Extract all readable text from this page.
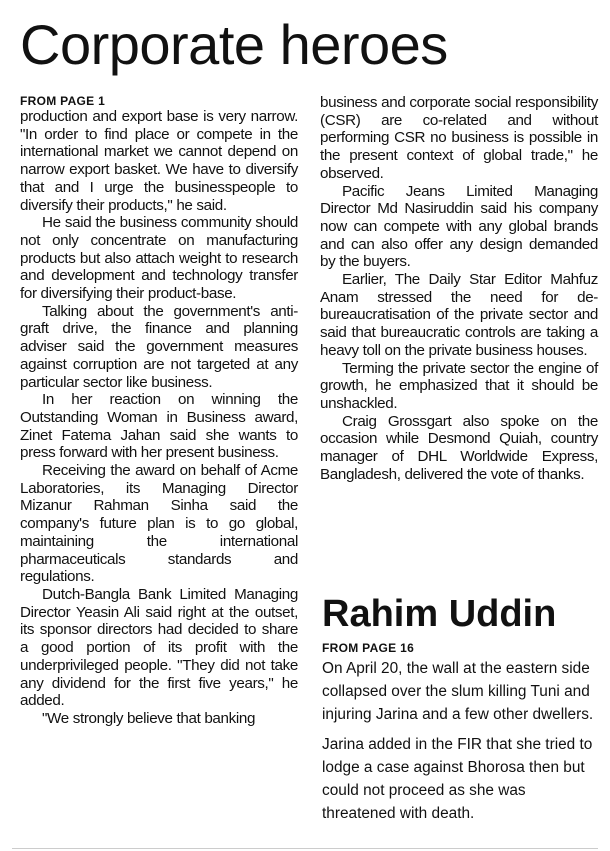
Corporate heroes

FROM PAGE 1

production and export base is very narrow. "In order to find place or compete in the international market we cannot depend on narrow export basket. We have to diversify that and I urge the businesspeople to diversify their products," he said.

He said the business community should not only concentrate on manufacturing products but also attach weight to research and development and technology transfer for diversifying their product-base.

Talking about the government's anti-graft drive, the finance and planning adviser said the government measures against corruption are not targeted at any particular sector like business.

In her reaction on winning the Outstanding Woman in Business award, Zinet Fatema Jahan said she wants to press forward with her present business.

Receiving the award on behalf of Acme Laboratories, its Managing Director Mizanur Rahman Sinha said the company's future plan is to go global, maintaining the international pharmaceuticals standards and regulations.

Dutch-Bangla Bank Limited Managing Director Yeasin Ali said right at the outset, its sponsor directors had decided to share a good portion of its profit with the underprivileged people. "They did not take any dividend for the first five years," he added.

"We strongly believe that banking

business and corporate social responsibility (CSR) are co-related and without performing CSR no business is possible in the present context of global trade," he observed.

Pacific Jeans Limited Managing Director Md Nasiruddin said his company now can compete with any global brands and can also offer any design demanded by the buyers.

Earlier, The Daily Star Editor Mahfuz Anam stressed the need for de-bureaucratisation of the private sector and said that bureaucratic controls are taking a heavy toll on the private business houses.

Terming the private sector the engine of growth, he emphasized that it should be unshackled.

Craig Grossgart also spoke on the occasion while Desmond Quiah, country manager of DHL Worldwide Express, Bangladesh, delivered the vote of thanks.

Rahim Uddin

FROM PAGE 16

On April 20, the wall at the eastern side collapsed over the slum killing Tuni and injuring Jarina and a few other dwellers.

Jarina added in the FIR that she tried to lodge a case against Bhorosa then but could not proceed as she was threatened with death.
